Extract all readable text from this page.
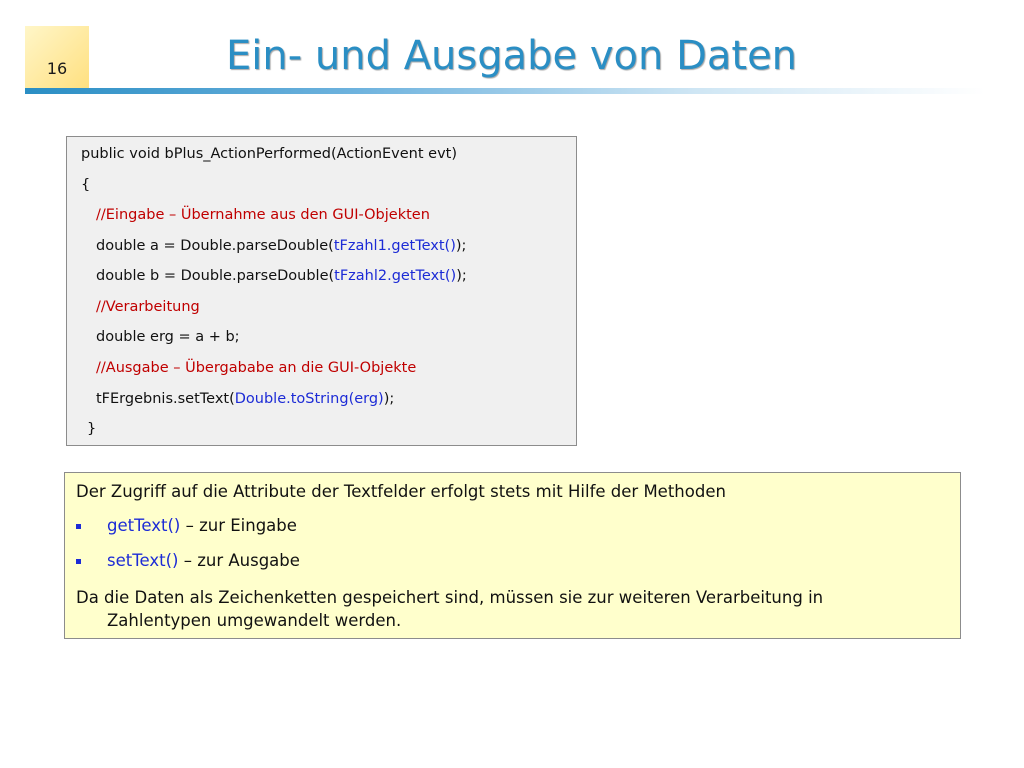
16	Ein- und Ausgabe von Daten
public void bPlus_ActionPerformed(ActionEvent evt)
{
//Eingabe – Übernahme aus den GUI-Objekten
double a = Double.parseDouble(tFzahl1.getText());
double b = Double.parseDouble(tFzahl2.getText());
//Verarbeitung
double erg = a + b;
//Ausgabe – Übergababe an die GUI-Objekte
tFErgebnis.setText(Double.toString(erg));
}
Der Zugriff auf die Attribute der Textfelder erfolgt stets mit Hilfe der Methoden
getText() – zur Eingabe
setText() – zur Ausgabe
Da die Daten als Zeichenketten gespeichert sind, müssen sie zur weiteren Verarbeitung in
Zahlentypen umgewandelt werden.
